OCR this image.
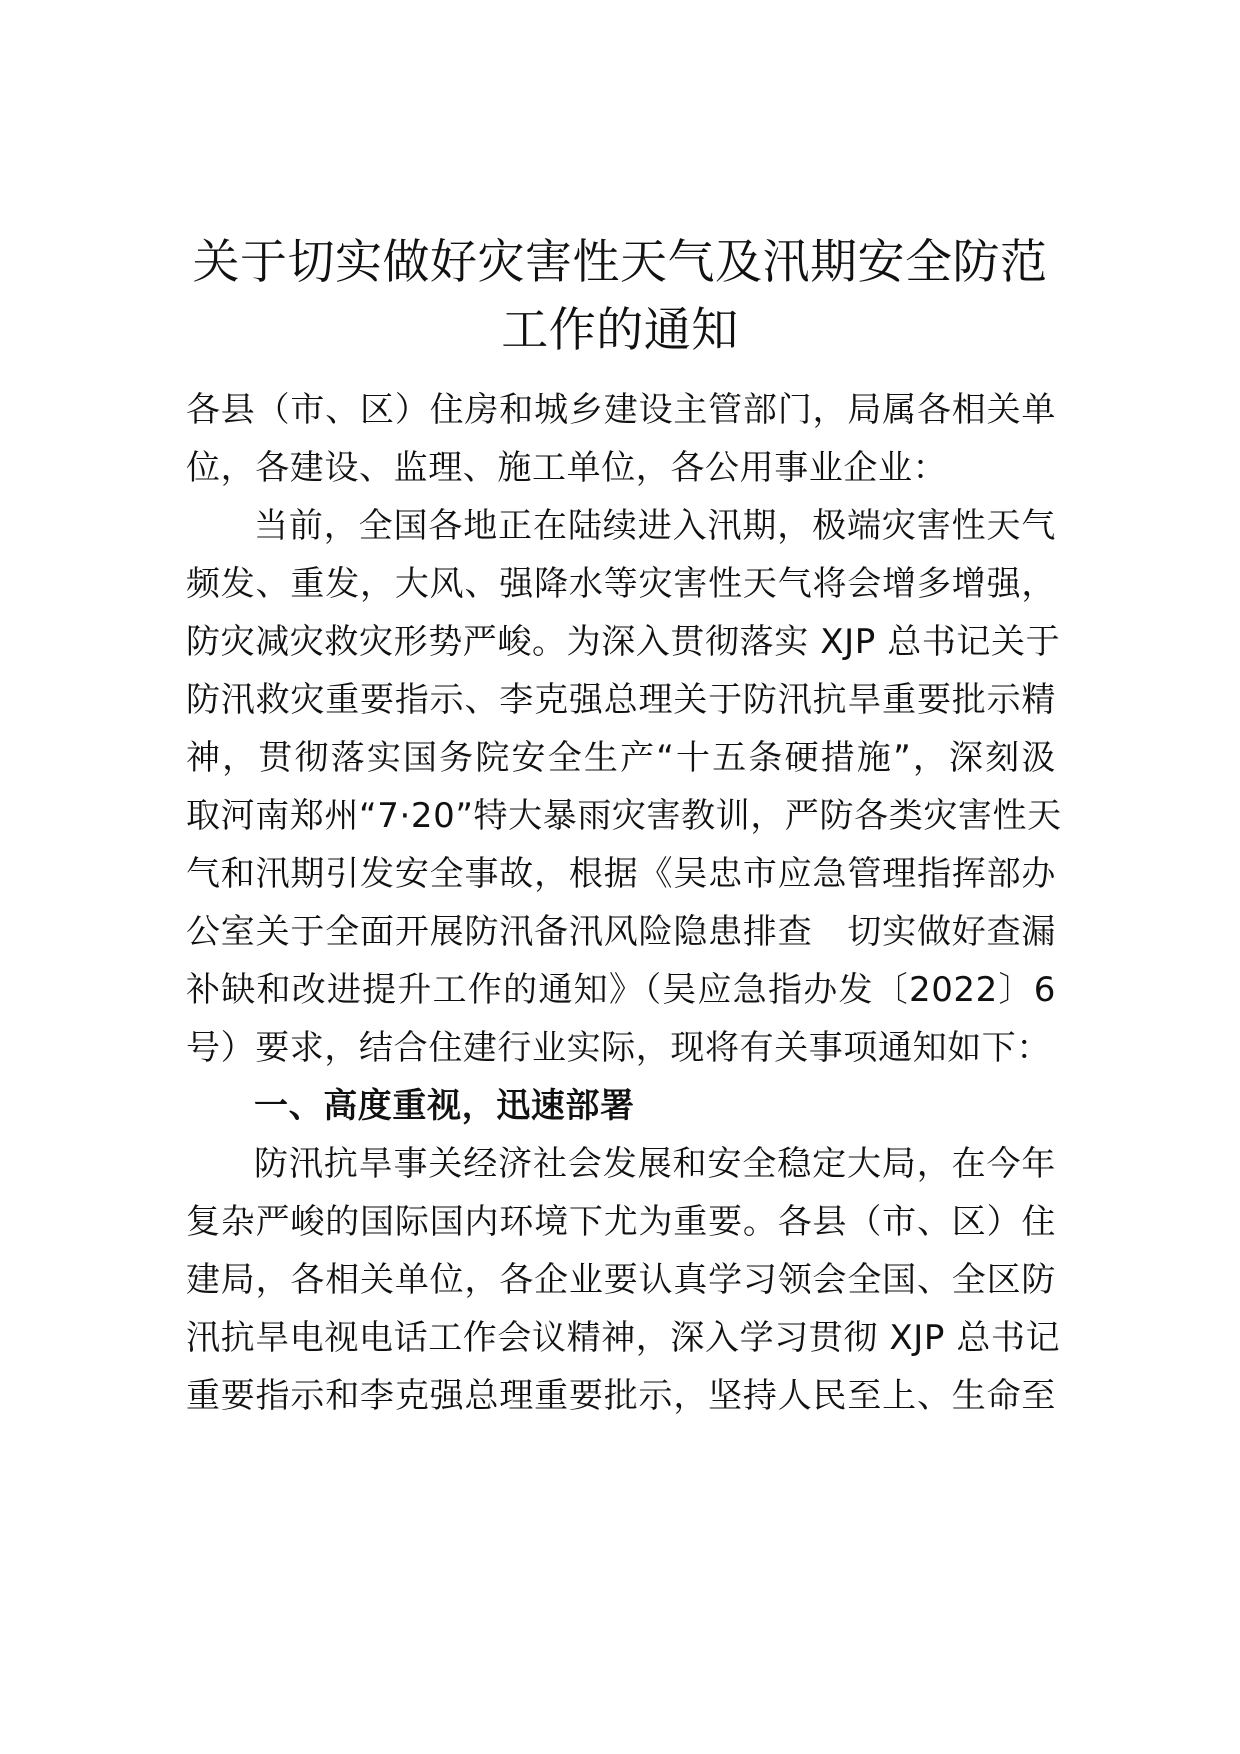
关于切实做好灾害性天气及汛期安全防范
工作的通知
各县（市、区）住房和城乡建设主管部门，局属各相关单
位，各建设、监理、施工单位，各公用事业企业：
当前，全国各地正在陆续进入汛期，极端灾害性天气
频发、重发，大风、强降水等灾害性天气将会增多增强，
防灾减灾救灾形势严峻。为深入贯彻落实 XJP 总书记关于
防汛救灾重要指示、李克强总理关于防汛抗旱重要批示精
神，贯彻落实国务院安全生产“十五条硬措施”，深刻汲
取河南郑州“7·20”特大暴雨灾害教训，严防各类灾害性天
气和汛期引发安全事故，根据《吴忠市应急管理指挥部办
公室关于全面开展防汛备汛风险隐患排查　切实做好查漏
补缺和改进提升工作的通知》（吴应急指办发〔2022〕6
号）要求，结合住建行业实际，现将有关事项通知如下：
一、高度重视，迅速部署
防汛抗旱事关经济社会发展和安全稳定大局，在今年
复杂严峻的国际国内环境下尤为重要。各县（市、区）住
建局，各相关单位，各企业要认真学习领会全国、全区防
汛抗旱电视电话工作会议精神，深入学习贯彻 XJP 总书记
重要指示和李克强总理重要批示，坚持人民至上、生命至
